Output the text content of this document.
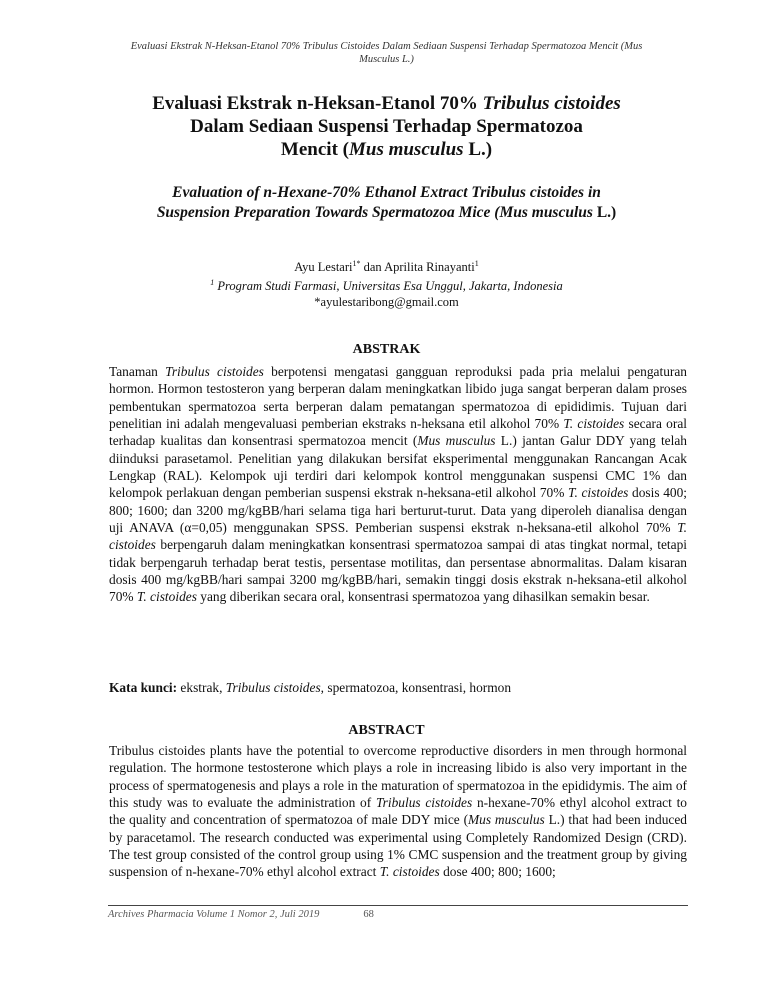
Evaluasi Ekstrak N-Heksan-Etanol 70% Tribulus Cistoides Dalam Sediaan Suspensi Terhadap Spermatozoa Mencit (Mus Musculus L.)
Evaluasi Ekstrak n-Heksan-Etanol 70% Tribulus cistoides
Dalam Sediaan Suspensi Terhadap Spermatozoa
Mencit (Mus musculus L.)
Evaluation of n-Hexane-70% Ethanol Extract Tribulus cistoides in
Suspension Preparation Towards Spermatozoa Mice (Mus musculus L.)
Ayu Lestari$^{1*}$ dan Aprilita Rinayanti$^1$
$^1$ Program Studi Farmasi, Universitas Esa Unggul, Jakarta, Indonesia
*ayulestaribong@gmail.com
ABSTRAK
Tanaman Tribulus cistoides berpotensi mengatasi gangguan reproduksi pada pria melalui pengaturan hormon. Hormon testosteron yang berperan dalam meningkatkan libido juga sangat berperan dalam proses pembentukan spermatozoa serta berperan dalam pematangan spermatozoa di epididimis. Tujuan dari penelitian ini adalah mengevaluasi pemberian ekstraks n-heksana etil alkohol 70% T. cistoides secara oral terhadap kualitas dan konsentrasi spermatozoa mencit (Mus musculus L.) jantan Galur DDY yang telah diinduksi parasetamol. Penelitian yang dilakukan bersifat eksperimental menggunakan Rancangan Acak Lengkap (RAL). Kelompok uji terdiri dari kelompok kontrol menggunakan suspensi CMC 1% dan kelompok perlakuan dengan pemberian suspensi ekstrak n-heksana-etil alkohol 70% T. cistoides dosis 400; 800; 1600; dan 3200 mg/kgBB/hari selama tiga hari berturut-turut. Data yang diperoleh dianalisa dengan uji ANAVA (α=0,05) menggunakan SPSS. Pemberian suspensi ekstrak n-heksana-etil alkohol 70% T. cistoides berpengaruh dalam meningkatkan konsentrasi spermatozoa sampai di atas tingkat normal, tetapi tidak berpengaruh terhadap berat testis, persentase motilitas, dan persentase abnormalitas. Dalam kisaran dosis 400 mg/kgBB/hari sampai 3200 mg/kgBB/hari, semakin tinggi dosis ekstrak n-heksana-etil alkohol 70% T. cistoides yang diberikan secara oral, konsentrasi spermatozoa yang dihasilkan semakin besar.
Kata kunci: ekstrak, Tribulus cistoides, spermatozoa, konsentrasi, hormon
ABSTRACT
Tribulus cistoides plants have the potential to overcome reproductive disorders in men through hormonal regulation. The hormone testosterone which plays a role in increasing libido is also very important in the process of spermatogenesis and plays a role in the maturation of spermatozoa in the epididymis. The aim of this study was to evaluate the administration of Tribulus cistoides n-hexane-70% ethyl alcohol extract to the quality and concentration of spermatozoa of male DDY mice (Mus musculus L.) that had been induced by paracetamol. The research conducted was experimental using Completely Randomized Design (CRD). The test group consisted of the control group using 1% CMC suspension and the treatment group by giving suspension of n-hexane-70% ethyl alcohol extract T. cistoides dose 400; 800; 1600;
Archives Pharmacia Volume 1 Nomor 2, Juli 2019	68
